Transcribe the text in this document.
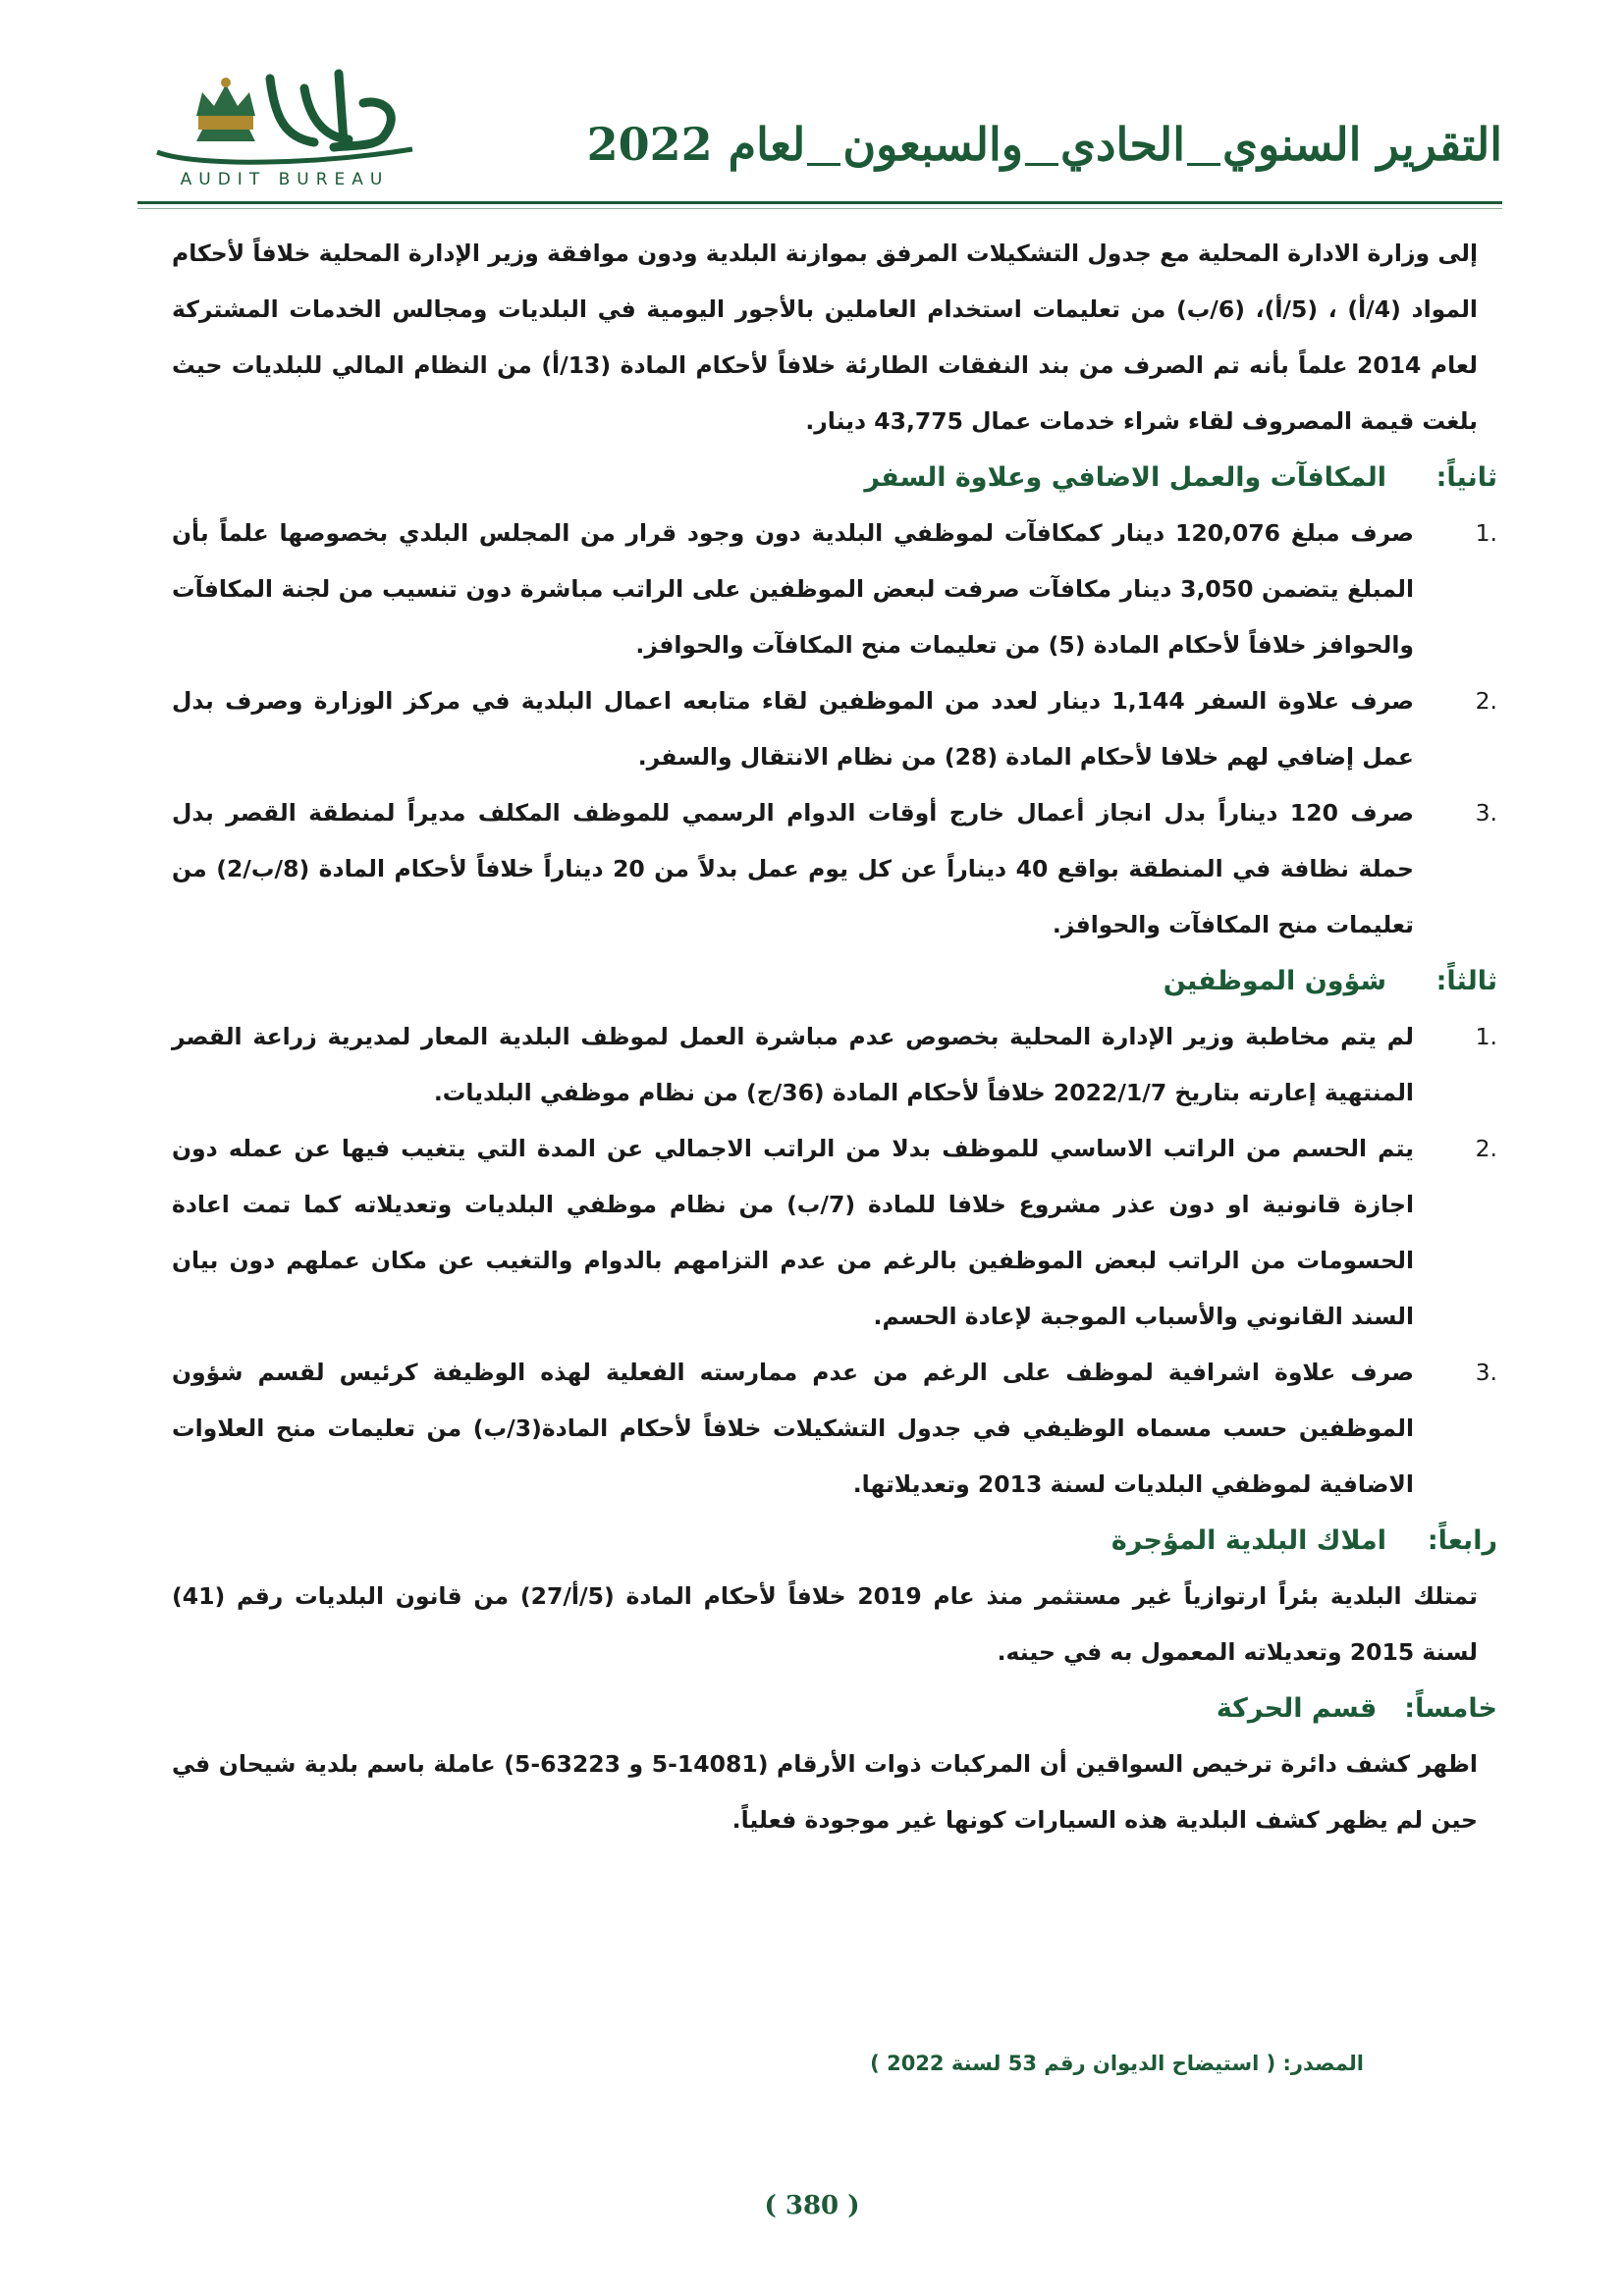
التقرير السنويالحاديوالسبعونلعام 2022
AUDIT BUREAU

إلى وزارة الادارة المحلية مع جدول التشكيلات المرفق بموازنة البلدية ودون موافقة وزير الإدارة المحلية خلافاً لأحكام المواد (4/أ) ، (5/أ)، (6/ب) من تعليمات استخدام العاملين بالأجور اليومية في البلديات ومجالس الخدمات المشتركة لعام 2014 علماً بأنه تم الصرف من بند النفقات الطارئة خلافاً لأحكام المادة (13/أ) من النظام المالي للبلديات حيث بلغت قيمة المصروف لقاء شراء خدمات عمال 43,775 دينار.

ثانياً:
المكافآت والعمل الاضافي وعلاوة السفر
1.
صرف مبلغ 120,076 دينار كمكافآت لموظفي البلدية دون وجود قرار من المجلس البلدي بخصوصها علماً بأن المبلغ يتضمن 3,050 دينار مكافآت صرفت لبعض الموظفين على الراتب مباشرة دون تنسيب من لجنة المكافآت والحوافز خلافاً لأحكام المادة (5) من تعليمات منح المكافآت والحوافز.
2.
صرف علاوة السفر 1,144 دينار لعدد من الموظفين لقاء متابعه اعمال البلدية في مركز الوزارة وصرف بدل عمل إضافي لهم خلافا لأحكام المادة (28) من نظام الانتقال والسفر.
3.
صرف 120 ديناراً بدل انجاز أعمال خارج أوقات الدوام الرسمي للموظف المكلف مديراً لمنطقة القصر بدل حملة نظافة في المنطقة بواقع 40 ديناراً عن كل يوم عمل بدلاً من 20 ديناراً خلافاً لأحكام المادة (8/ب/2) من تعليمات منح المكافآت والحوافز.
ثالثاً:
شؤون الموظفين
1.
لم يتم مخاطبة وزير الإدارة المحلية بخصوص عدم مباشرة العمل لموظف البلدية المعار لمديرية زراعة القصر المنتهية إعارته بتاريخ 2022/1/7 خلافاً لأحكام المادة (36/ج) من نظام موظفي البلديات.
2.
يتم الحسم من الراتب الاساسي للموظف بدلا من الراتب الاجمالي عن المدة التي يتغيب فيها عن عمله دون اجازة قانونية او دون عذر مشروع خلافا للمادة (7/ب) من نظام موظفي البلديات وتعديلاته كما تمت اعادة الحسومات من الراتب لبعض الموظفين بالرغم من عدم التزامهم بالدوام والتغيب عن مكان عملهم دون بيان السند القانوني والأسباب الموجبة لإعادة الحسم.
3.
صرف علاوة اشرافية لموظف على الرغم من عدم ممارسته الفعلية لهذه الوظيفة كرئيس لقسم شؤون الموظفين حسب مسماه الوظيفي في جدول التشكيلات خلافاً لأحكام المادة(3/ب) من تعليمات منح العلاوات الاضافية لموظفي البلديات لسنة 2013 وتعديلاتها.
رابعاً:
املاك البلدية المؤجرة

تمتلك البلدية بئراً ارتوازياً غير مستثمر منذ عام 2019 خلافاً لأحكام المادة (5/أ/27) من قانون البلديات رقم (41) لسنة 2015 وتعديلاته المعمول به في حينه.

خامساً:
قسم الحركة

اظهر كشف دائرة ترخيص السواقين أن المركبات ذوات الأرقام (14081-5 و 63223-5) عاملة باسم بلدية شيحان في حين لم يظهر كشف البلدية هذه السيارات كونها غير موجودة فعلياً.

المصدر: ( استيضاح الديوان رقم 53 لسنة 2022 )
( 380 )
